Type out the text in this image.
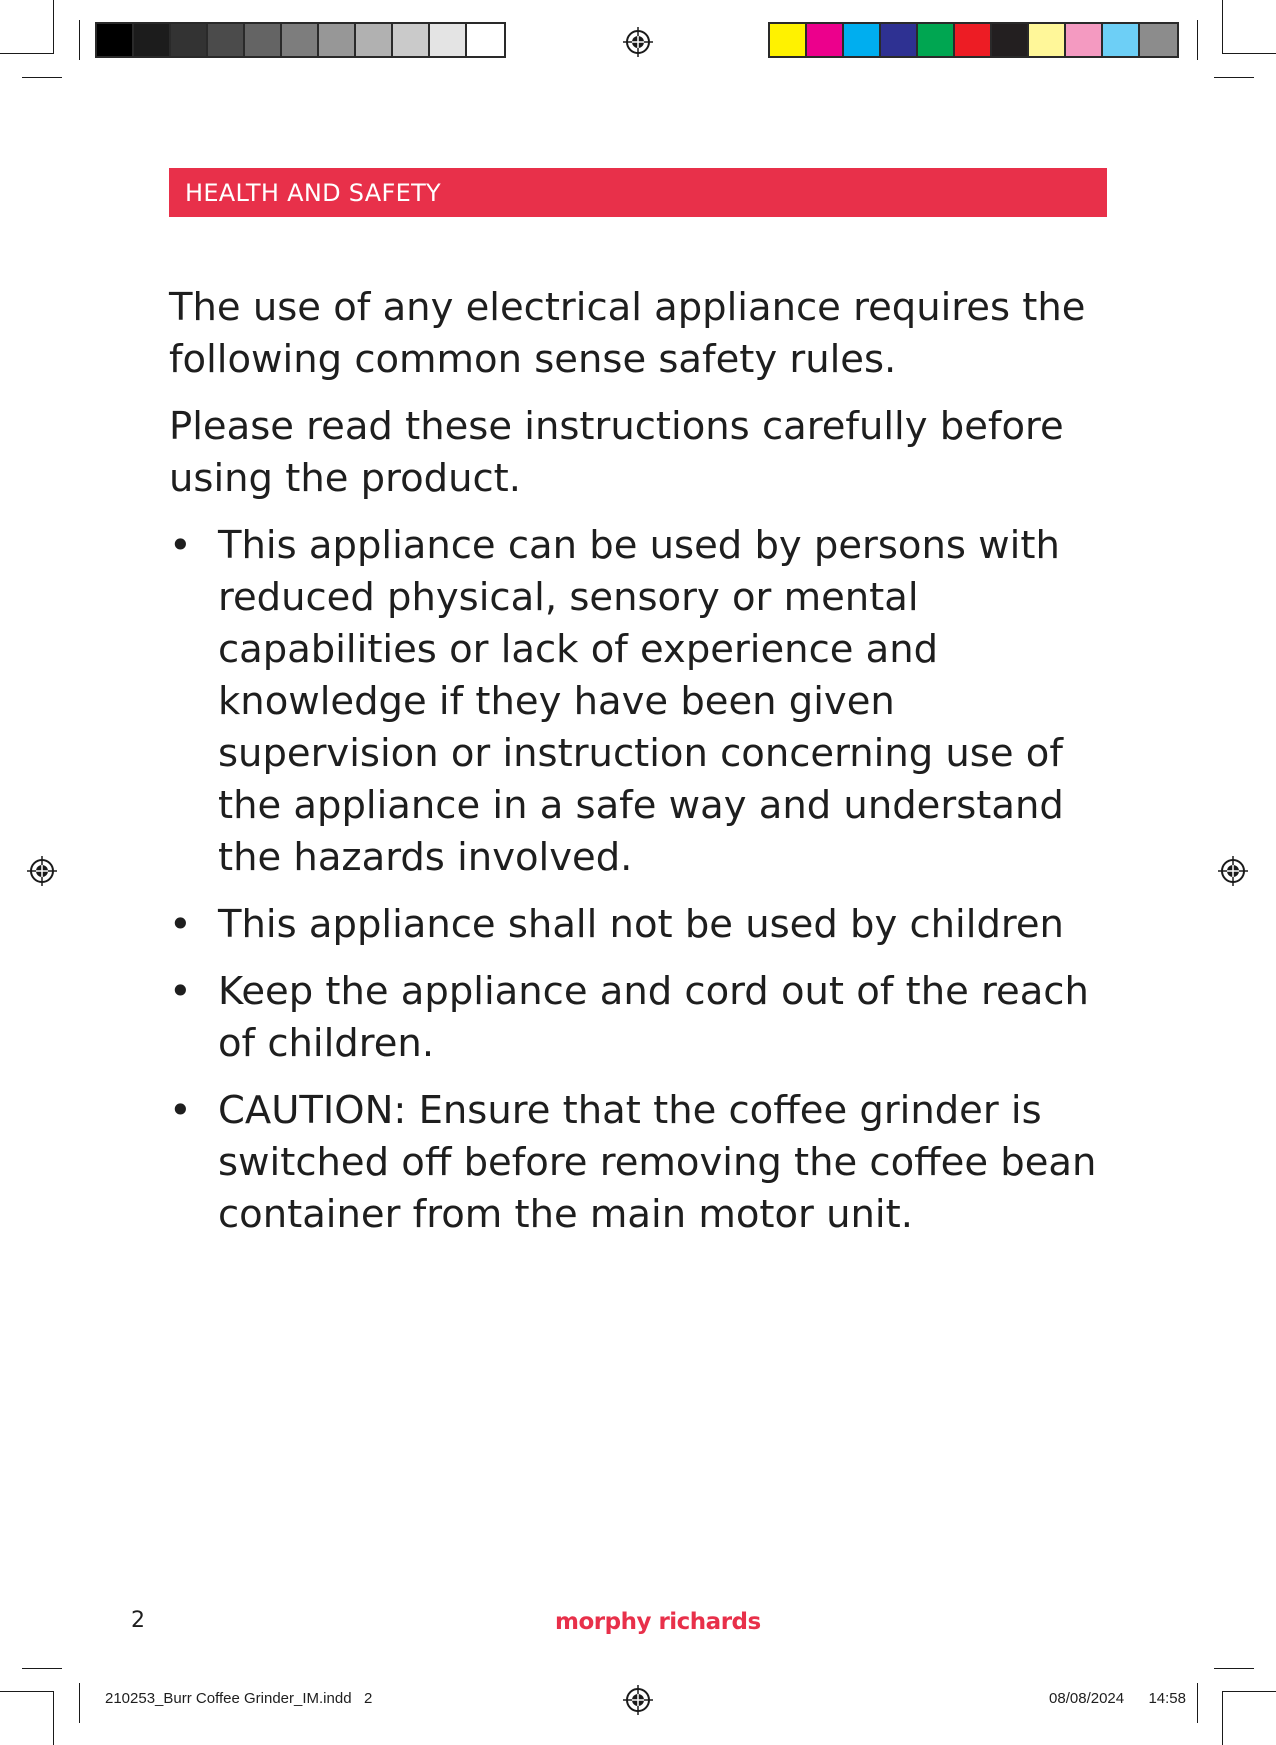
HEALTH AND SAFETY

The use of any electrical appliance requires the following common sense safety rules.

Please read these instructions carefully before using the product.

• This appliance can be used by persons with reduced physical, sensory or mental capabilities or lack of experience and knowledge if they have been given supervision or instruction concerning use of the appliance in a safe way and understand the hazards involved.
• This appliance shall not be used by children
• Keep the appliance and cord out of the reach of children.
• CAUTION: Ensure that the coffee grinder is switched off before removing the coffee bean container from the main motor unit.
2	morphy richards
210253_Burr Coffee Grinder_IM.indd   2	08/08/2024  14:58
